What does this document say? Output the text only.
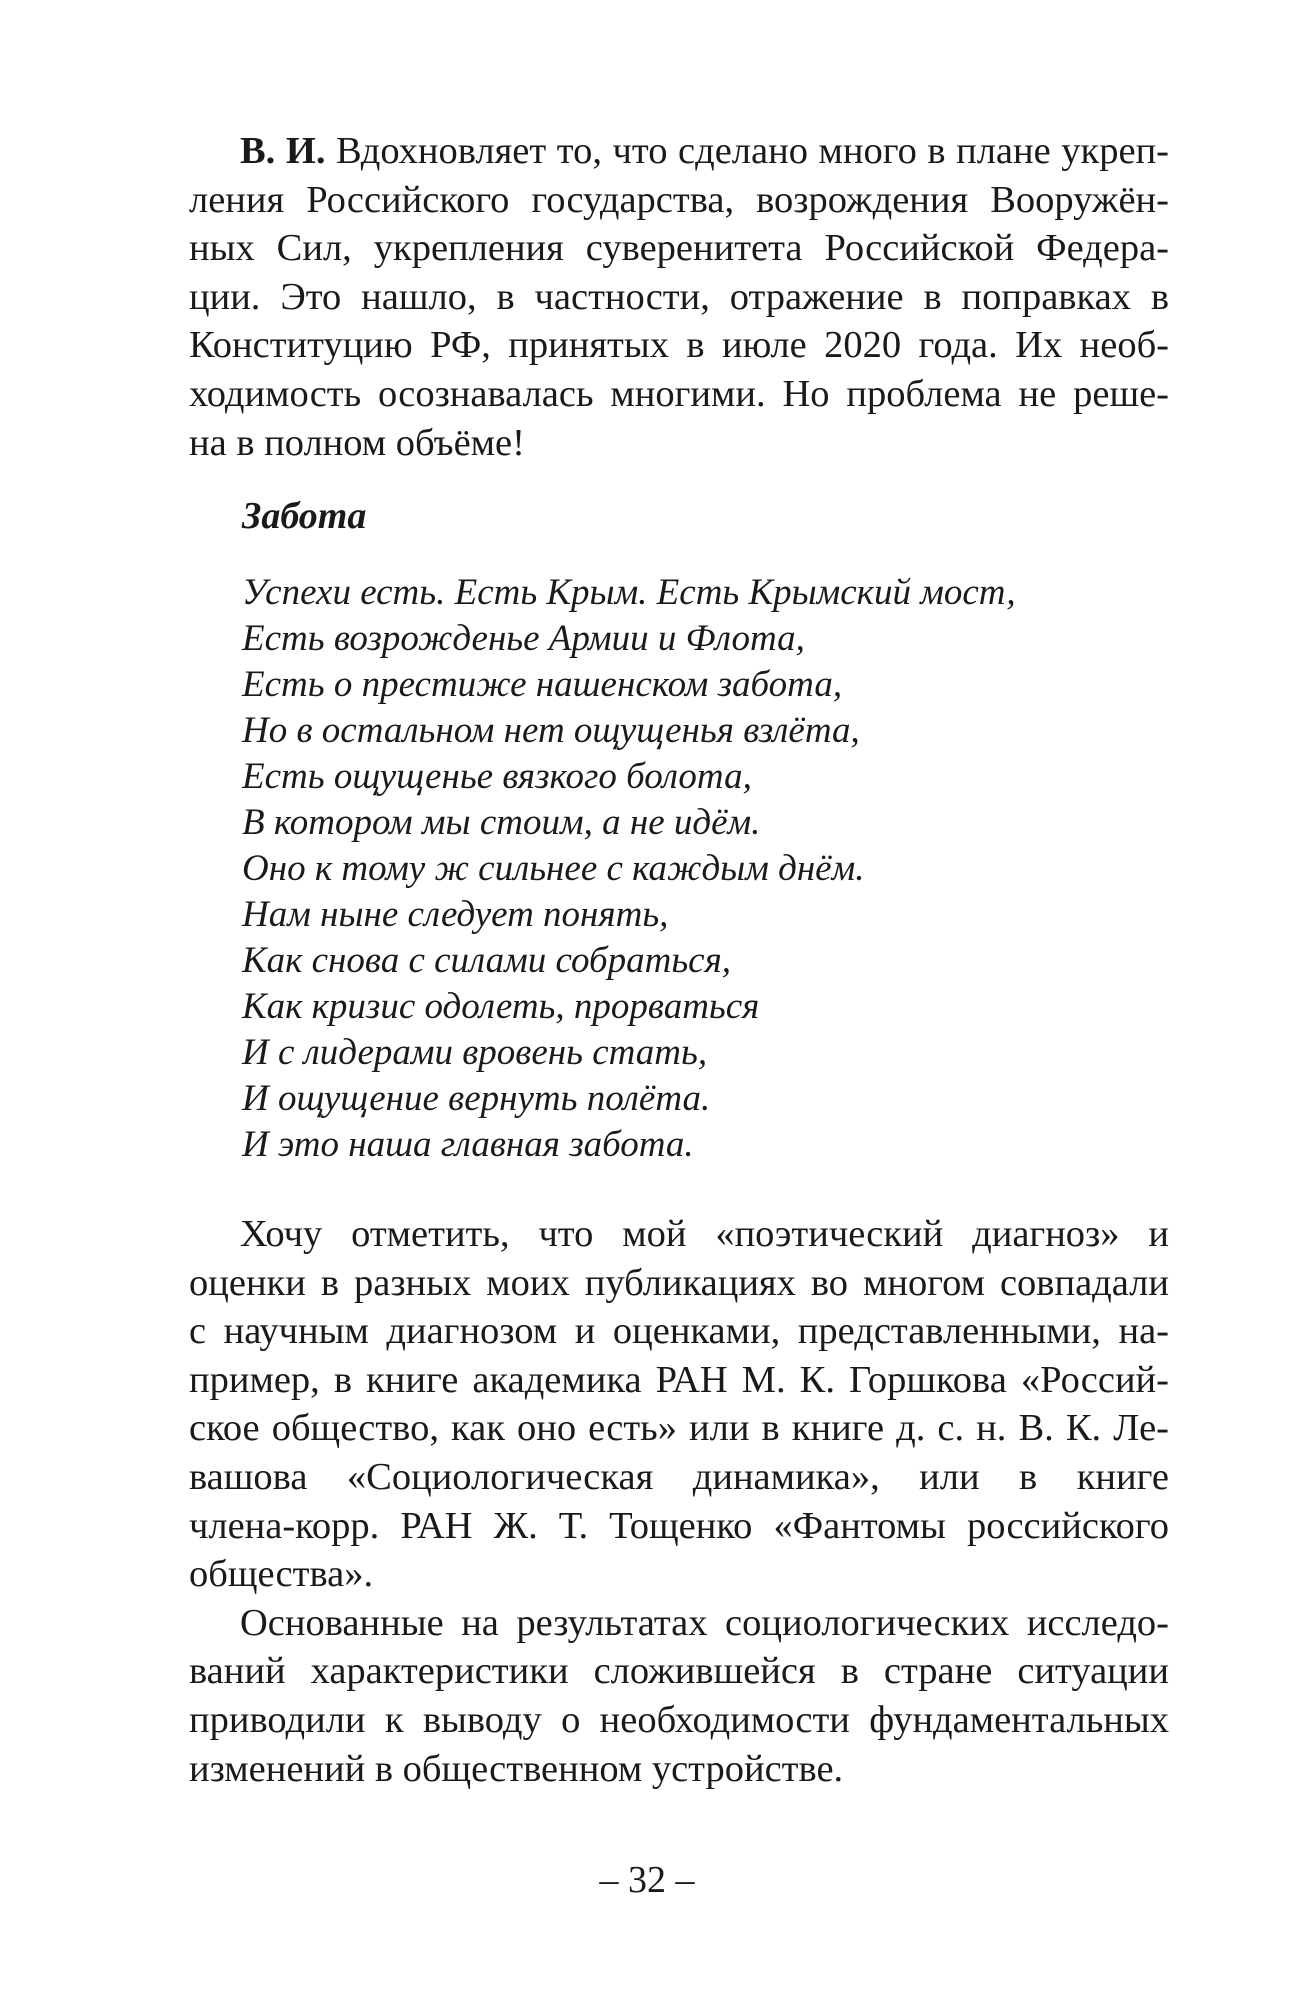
В. И. Вдохновляет то, что сделано много в плане укреп-
ления Российского государства, возрождения Вооружён-
ных Сил, укрепления суверенитета Российской Федера-
ции. Это нашло, в частности, отражение в поправках в
Конституцию РФ, принятых в июле 2020 года. Их необ-
ходимость осознавалась многими. Но проблема не реше-
на в полном объёме!
Забота
Успехи есть. Есть Крым. Есть Крымский мост,
Есть возрожденье Армии и Флота,
Есть о престиже нашенском забота,
Но в остальном нет ощущенья взлёта,
Есть ощущенье вязкого болота,
В котором мы стоим, а не идём.
Оно к тому ж сильнее с каждым днём.
Нам ныне следует понять,
Как снова с силами собраться,
Как кризис одолеть, прорваться
И с лидерами вровень стать,
И ощущение вернуть полёта.
И это наша главная забота.
Хочу отметить, что мой «поэтический диагноз» и
оценки в разных моих публикациях во многом совпадали
с научным диагнозом и оценками, представленными, на-
пример, в книге академика РАН М. К. Горшкова «Россий-
ское общество, как оно есть» или в книге д. с. н. В. К. Ле-
вашова «Социологическая динамика», или в книге
члена-корр. РАН Ж. Т. Тощенко «Фантомы российского
общества».
Основанные на результатах социологических исследо-
ваний характеристики сложившейся в стране ситуации
приводили к выводу о необходимости фундаментальных
изменений в общественном устройстве.
– 32 –
